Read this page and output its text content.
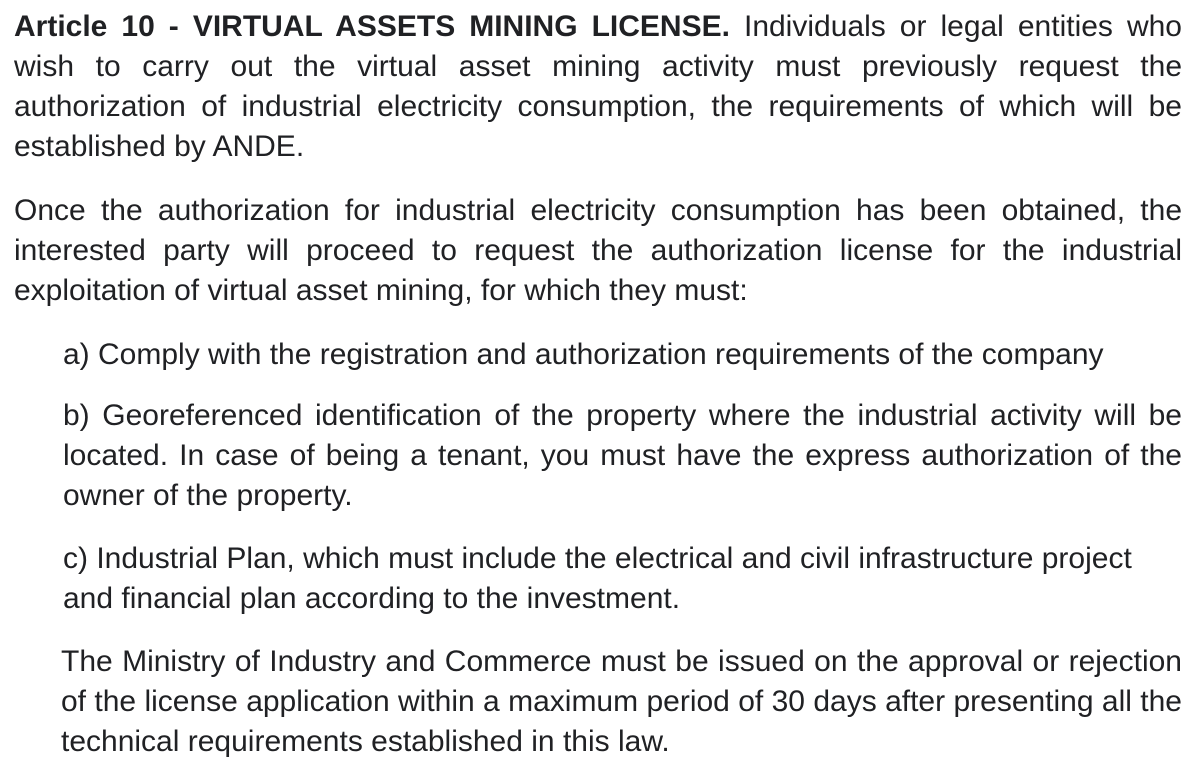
Article 10 - VIRTUAL ASSETS MINING LICENSE. Individuals or legal entities who wish to carry out the virtual asset mining activity must previously request the authorization of industrial electricity consumption, the requirements of which will be established by ANDE.

Once the authorization for industrial electricity consumption has been obtained, the interested party will proceed to request the authorization license for the industrial exploitation of virtual asset mining, for which they must:

a) Comply with the registration and authorization requirements of the company

b) Georeferenced identification of the property where the industrial activity will be located. In case of being a tenant, you must have the express authorization of the owner of the property.

c) Industrial Plan, which must include the electrical and civil infrastructure project and financial plan according to the investment.

The Ministry of Industry and Commerce must be issued on the approval or rejection of the license application within a maximum period of 30 days after presenting all the technical requirements established in this law.
